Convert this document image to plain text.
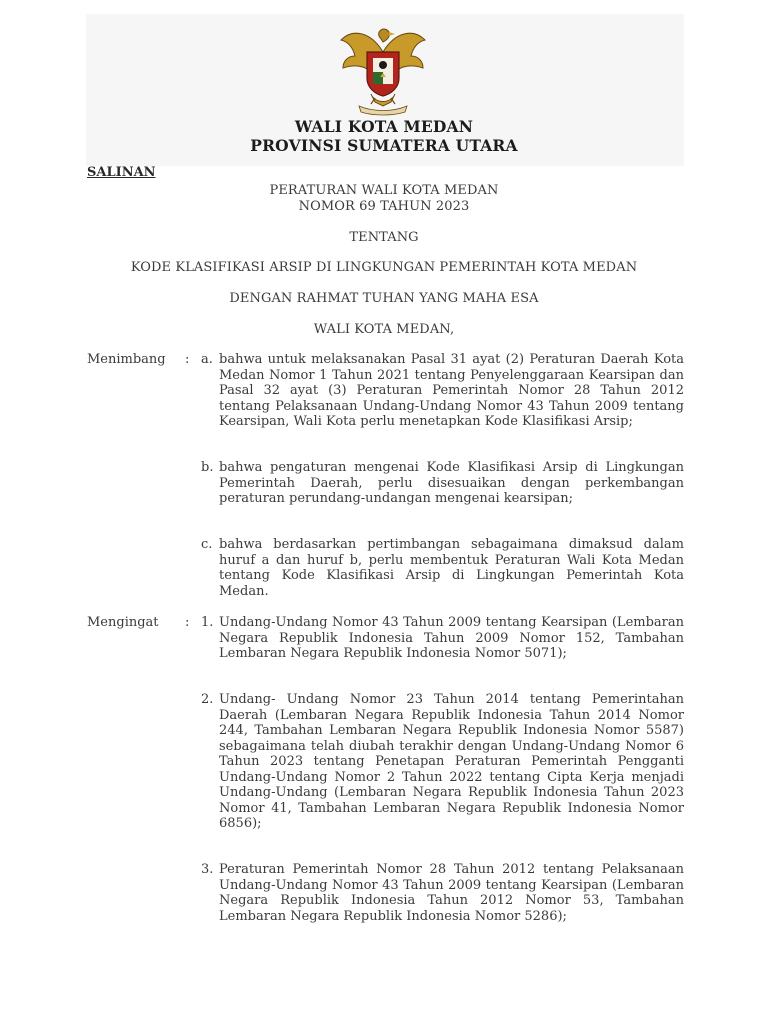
WALI KOTA MEDAN
PROVINSI SUMATERA UTARA
SALINAN
PERATURAN WALI KOTA MEDAN
NOMOR 69 TAHUN 2023
TENTANG
KODE KLASIFIKASI ARSIP DI LINGKUNGAN PEMERINTAH KOTA MEDAN
DENGAN RAHMAT TUHAN YANG MAHA ESA
WALI KOTA MEDAN,
Menimbang : a. bahwa untuk melaksanakan Pasal 31 ayat (2) Peraturan Daerah Kota Medan Nomor 1 Tahun 2021 tentang Penyelenggaraan Kearsipan dan Pasal 32 ayat (3) Peraturan Pemerintah Nomor 28 Tahun 2012 tentang Pelaksanaan Undang-Undang Nomor 43 Tahun 2009 tentang Kearsipan, Wali Kota perlu menetapkan Kode Klasifikasi Arsip;
b. bahwa pengaturan mengenai Kode Klasifikasi Arsip di Lingkungan Pemerintah Daerah, perlu disesuaikan dengan perkembangan peraturan perundang-undangan mengenai kearsipan;
c. bahwa berdasarkan pertimbangan sebagaimana dimaksud dalam huruf a dan huruf b, perlu membentuk Peraturan Wali Kota Medan tentang Kode Klasifikasi Arsip di Lingkungan Pemerintah Kota Medan.
Mengingat : 1. Undang-Undang Nomor 43 Tahun 2009 tentang Kearsipan (Lembaran Negara Republik Indonesia Tahun 2009 Nomor 152, Tambahan Lembaran Negara Republik Indonesia Nomor 5071);
2. Undang- Undang Nomor 23 Tahun 2014 tentang Pemerintahan Daerah (Lembaran Negara Republik Indonesia Tahun 2014 Nomor 244, Tambahan Lembaran Negara Republik Indonesia Nomor 5587) sebagaimana telah diubah terakhir dengan Undang-Undang Nomor 6 Tahun 2023 tentang Penetapan Peraturan Pemerintah Pengganti Undang-Undang Nomor 2 Tahun 2022 tentang Cipta Kerja menjadi Undang-Undang (Lembaran Negara Republik Indonesia Tahun 2023 Nomor 41, Tambahan Lembaran Negara Republik Indonesia Nomor 6856);
3. Peraturan Pemerintah Nomor 28 Tahun 2012 tentang Pelaksanaan Undang-Undang Nomor 43 Tahun 2009 tentang Kearsipan (Lembaran Negara Republik Indonesia Tahun 2012 Nomor 53, Tambahan Lembaran Negara Republik Indonesia Nomor 5286);
